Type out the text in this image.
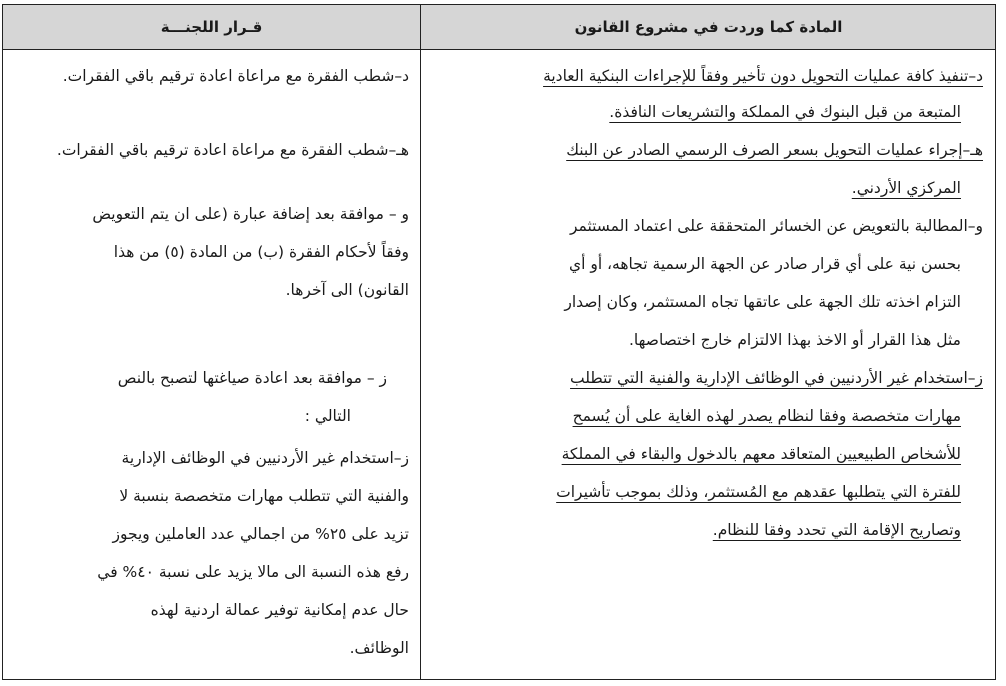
المادة كما وردت في مشروع القانون
قـرار اللجنـــة

د–تنفيذ كافة عمليات التحويل دون تأخير وفقاً للإجراءات البنكية العادية

المتبعة من قبل البنوك في المملكة والتشريعات النافذة.

هـ–إجراء عمليات التحويل بسعر الصرف الرسمي الصادر عن البنك

المركزي الأردني.

و–المطالبة بالتعويض عن الخسائر المتحققة على اعتماد المستثمر

بحسن نية على أي قرار صادر عن الجهة الرسمية تجاهه، أو أي

التزام اخذته تلك الجهة على عاتقها تجاه المستثمر، وكان إصدار

مثل هذا القرار أو الاخذ بهذا الالتزام خارج اختصاصها.

ز–استخدام غير الأردنيين في الوظائف الإدارية والفنية التي تتطلب

مهارات متخصصة وفقا لنظام يصدر لهذه الغاية على أن يُسمح

للأشخاص الطبيعيين المتعاقد معهم بالدخول والبقاء في المملكة

للفترة التي يتطلبها عقدهم مع المُستثمر، وذلك بموجب تأشيرات

وتصاريح الإقامة التي تحدد وفقا للنظام.

د–شطب الفقرة مع مراعاة اعادة ترقيم باقي الفقرات.

هـ–شطب الفقرة مع مراعاة اعادة ترقيم باقي الفقرات.

و – موافقة بعد إضافة عبارة (على ان يتم التعويض

وفقاً لأحكام الفقرة (ب) من المادة (٥) من هذا

القانون) الى آخرها.

ز – موافقة بعد اعادة صياغتها لتصبح بالنص

التالي :

ز–استخدام غير الأردنيين في الوظائف الإدارية

والفنية التي تتطلب مهارات متخصصة بنسبة لا

تزيد على ٢٥% من اجمالي عدد العاملين ويجوز

رفع هذه النسبة الى مالا يزيد على نسبة ٤٠% في

حال عدم إمكانية توفير عمالة اردنية لهذه

الوظائف.
